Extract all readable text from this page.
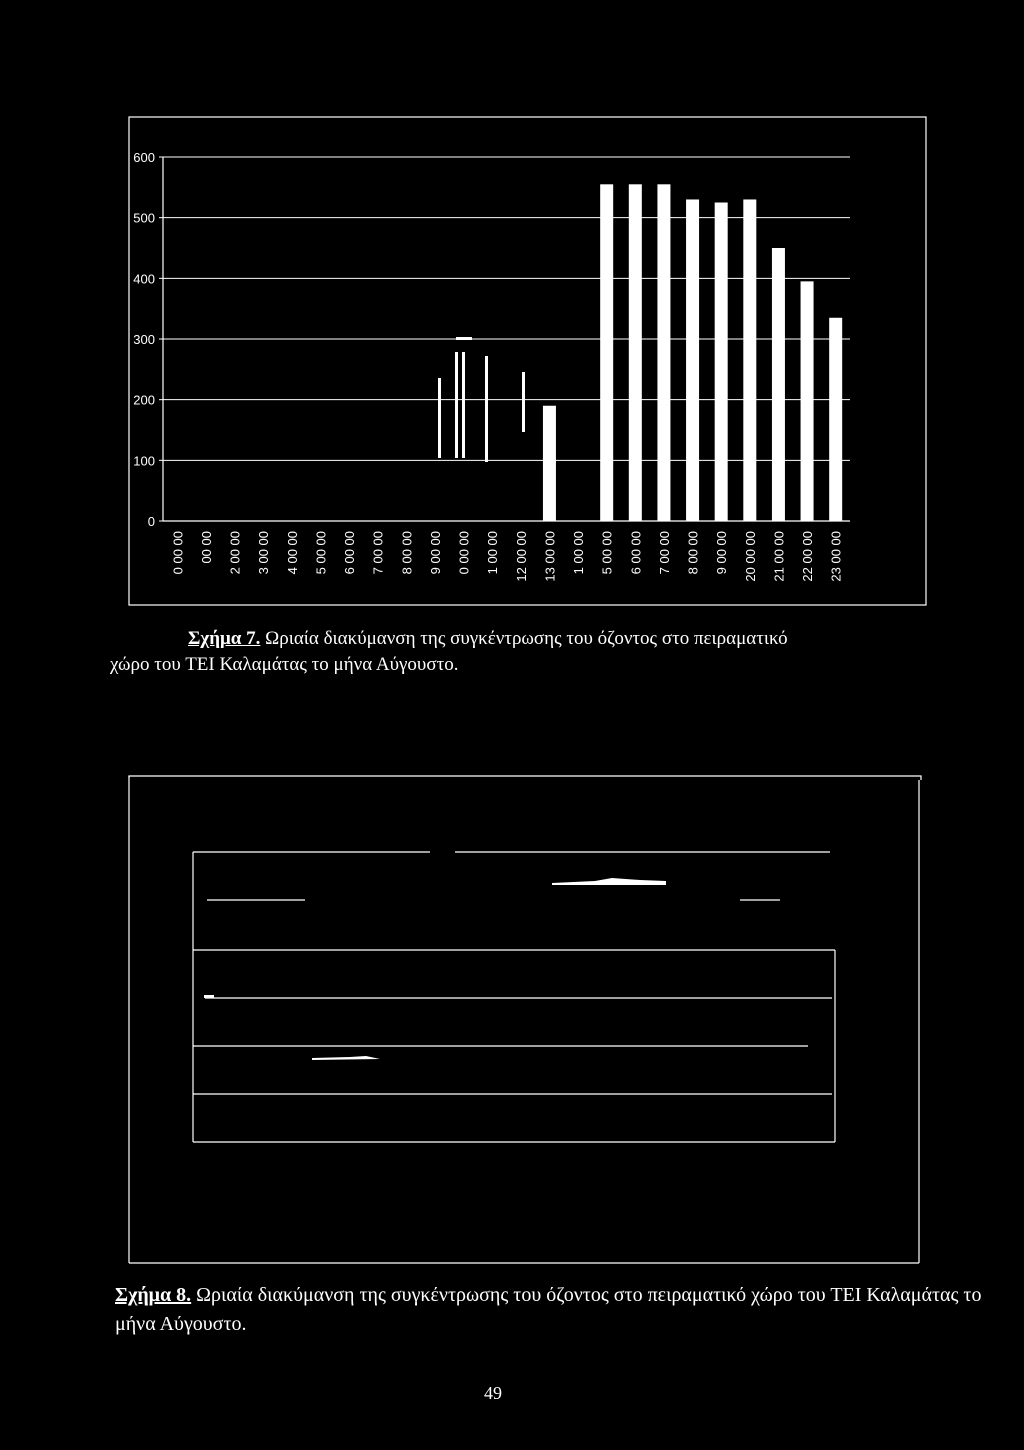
600
500
400
300
200
100
0
0 00 00 00 00 2 00 00 3 00 00 4 00 00 5 00 00 6 00 00 7 00 00 8 00 00 9 00 00 0 00 00 1 00 00 12 00 00 13 00 00 1 00 00 5 00 00 6 00 00 7 00 00 8 00 00 9 00 00 20 00 00 21 00 00 22 00 00 23 00 00
Σχήμα 7. Ωριαία διακύμανση της συγκέντρωσης του όζοντος στο πειραματικό
χώρο του ΤΕΙ Καλαμάτας το μήνα Αύγουστο.
Σχήμα 8. Ωριαία διακύμανση της συγκέντρωσης του όζοντος στο πειραματικό χώρο του ΤΕΙ Καλαμάτας το μήνα Αύγουστο.
49
